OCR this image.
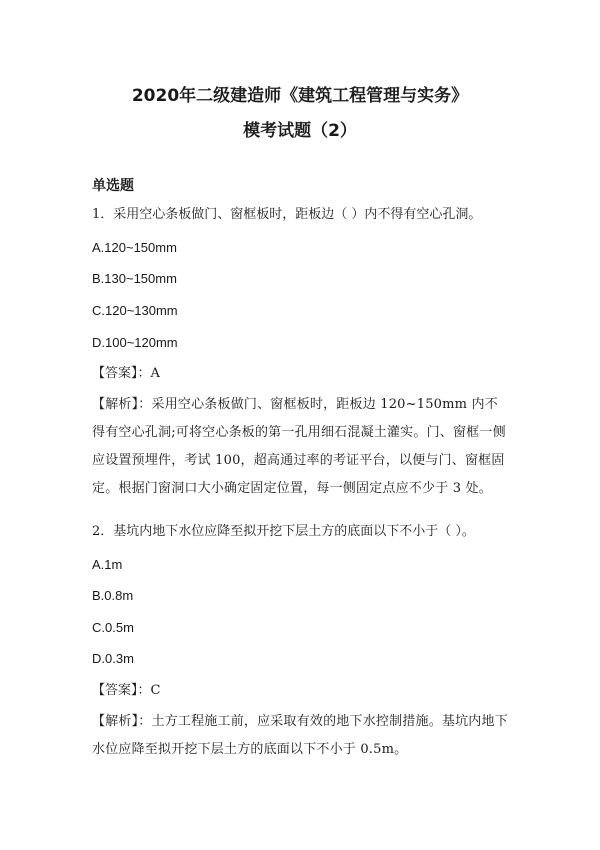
2020年二级建造师《建筑工程管理与实务》
模考试题（2）
单选题
1．采用空心条板做门、窗框板时，距板边（ ）内不得有空心孔洞。
A.120~150mm
B.130~150mm
C.120~130mm
D.100~120mm
【答案】：A
【解析】：采用空心条板做门、窗框板时，距板边 120~150mm 内不得有空心孔洞;可将空心条板的第一孔用细石混凝土灌实。门、窗框一侧应设置预埋件，考试 100，超高通过率的考证平台，以便与门、窗框固定。根据门窗洞口大小确定固定位置，每一侧固定点应不少于 3 处。
2．基坑内地下水位应降至拟开挖下层土方的底面以下不小于（ ）。
A.1m
B.0.8m
C.0.5m
D.0.3m
【答案】：C
【解析】：土方工程施工前，应采取有效的地下水控制措施。基坑内地下水位应降至拟开挖下层土方的底面以下不小于 0.5m。
